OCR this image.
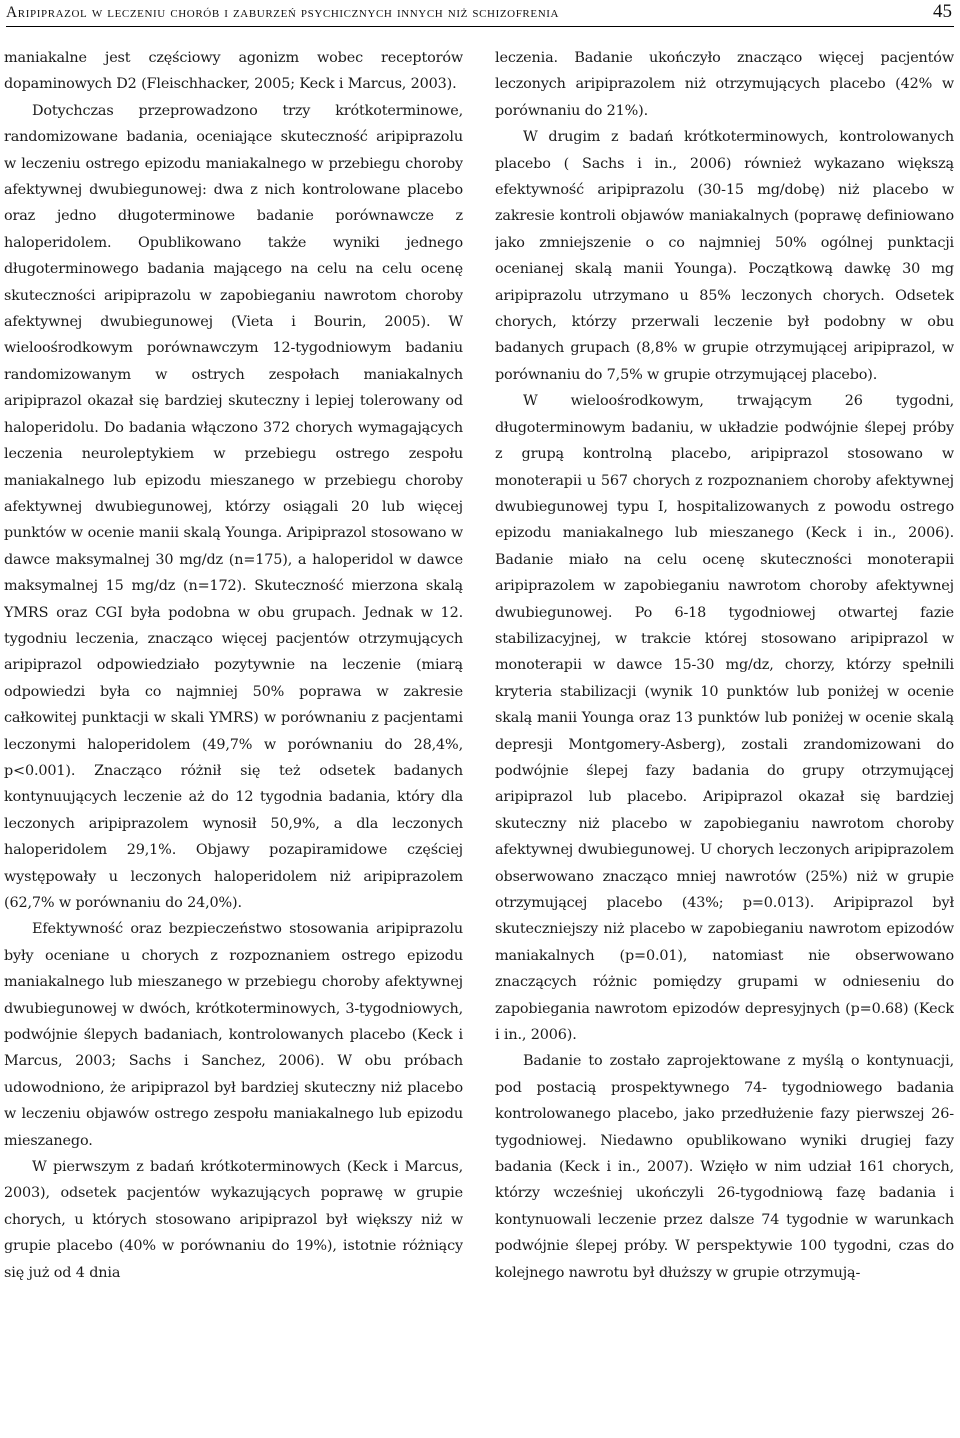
Aripiprazol w leczeniu chorób i zaburzeń psychicznych innych niż schizofrenia	45

maniakalne jest częściowy agonizm wobec receptorów dopaminowych D2 (Fleischhacker, 2005; Keck i Marcus, 2003).

Dotychczas przeprowadzono trzy krótkoterminowe, randomizowane badania, oceniające skuteczność aripiprazolu w leczeniu ostrego epizodu maniakalnego w przebiegu choroby afektywnej dwubiegunowej: dwa z nich kontrolowane placebo oraz jedno długoterminowe badanie porównawcze z haloperidolem. Opublikowano także wyniki jednego długoterminowego badania mającego na celu na celu ocenę skuteczności aripiprazolu w zapobieganiu nawrotom choroby afektywnej dwubiegunowej (Vieta i Bourin, 2005). W wieloośrodkowym porównawczym 12-tygodniowym badaniu randomizowanym w ostrych zespołach maniakalnych aripiprazol okazał się bardziej skuteczny i lepiej tolerowany od haloperidolu. Do badania włączono 372 chorych wymagających leczenia neuroleptykiem w przebiegu ostrego zespołu maniakalnego lub epizodu mieszanego w przebiegu choroby afektywnej dwubiegunowej, którzy osiągali 20 lub więcej punktów w ocenie manii skalą Younga. Aripiprazol stosowano w dawce maksymalnej 30 mg/dz (n=175), a haloperidol w dawce maksymalnej 15 mg/dz (n=172). Skuteczność mierzona skalą YMRS oraz CGI była podobna w obu grupach. Jednak w 12. tygodniu leczenia, znacząco więcej pacjentów otrzymujących aripiprazol odpowiedziało pozytywnie na leczenie (miarą odpowiedzi była co najmniej 50% poprawa w zakresie całkowitej punktacji w skali YMRS) w porównaniu z pacjentami leczonymi haloperidolem (49,7% w porównaniu do 28,4%, p<0.001). Znacząco różnił się też odsetek badanych kontynuujących leczenie aż do 12 tygodnia badania, który dla leczonych aripiprazolem wynosił 50,9%, a dla leczonych haloperidolem 29,1%. Objawy pozapiramidowe częściej występowały u leczonych haloperidolem niż aripiprazolem (62,7% w porównaniu do 24,0%).

Efektywność oraz bezpieczeństwo stosowania aripiprazolu były oceniane u chorych z rozpoznaniem ostrego epizodu maniakalnego lub mieszanego w przebiegu choroby afektywnej dwubiegunowej w dwóch, krótkoterminowych, 3-tygodniowych, podwójnie ślepych badaniach, kontrolowanych placebo (Keck i Marcus, 2003; Sachs i Sanchez, 2006). W obu próbach udowodniono, że aripiprazol był bardziej skuteczny niż placebo w leczeniu objawów ostrego zespołu maniakalnego lub epizodu mieszanego.

W pierwszym z badań krótkoterminowych (Keck i Marcus, 2003), odsetek pacjentów wykazujących poprawę w grupie chorych, u których stosowano aripiprazol był większy niż w grupie placebo (40% w porównaniu do 19%), istotnie różniący się już od 4 dnia

leczenia. Badanie ukończyło znacząco więcej pacjentów leczonych aripiprazolem niż otrzymujących placebo (42% w porównaniu do 21%).

W drugim z badań krótkoterminowych, kontrolowanych placebo ( Sachs i in., 2006) również wykazano większą efektywność aripiprazolu (30-15 mg/dobę) niż placebo w zakresie kontroli objawów maniakalnych (poprawę definiowano jako zmniejszenie o co najmniej 50% ogólnej punktacji ocenianej skalą manii Younga). Początkową dawkę 30 mg aripiprazolu utrzymano u 85% leczonych chorych. Odsetek chorych, którzy przerwali leczenie był podobny w obu badanych grupach (8,8% w grupie otrzymującej aripiprazol, w porównaniu do 7,5% w grupie otrzymującej placebo).

W wieloośrodkowym, trwającym 26 tygodni, długoterminowym badaniu, w układzie podwójnie ślepej próby z grupą kontrolną placebo, aripiprazol stosowano w monoterapii u 567 chorych z rozpoznaniem choroby afektywnej dwubiegunowej typu I, hospitalizowanych z powodu ostrego epizodu maniakalnego lub mieszanego (Keck i in., 2006). Badanie miało na celu ocenę skuteczności monoterapii aripiprazolem w zapobieganiu nawrotom choroby afektywnej dwubiegunowej. Po 6-18 tygodniowej otwartej fazie stabilizacyjnej, w trakcie której stosowano aripiprazol w monoterapii w dawce 15-30 mg/dz, chorzy, którzy spełnili kryteria stabilizacji (wynik 10 punktów lub poniżej w ocenie skalą manii Younga oraz 13 punktów lub poniżej w ocenie skalą depresji Montgomery-Asberg), zostali zrandomizowani do podwójnie ślepej fazy badania do grupy otrzymującej aripiprazol lub placebo. Aripiprazol okazał się bardziej skuteczny niż placebo w zapobieganiu nawrotom choroby afektywnej dwubiegunowej. U chorych leczonych aripiprazolem obserwowano znacząco mniej nawrotów (25%) niż w grupie otrzymującej placebo (43%; p=0.013). Aripiprazol był skuteczniejszy niż placebo w zapobieganiu nawrotom epizodów maniakalnych (p=0.01), natomiast nie obserwowano znaczących różnic pomiędzy grupami w odnieseniu do zapobiegania nawrotom epizodów depresyjnych (p=0.68) (Keck i in., 2006).

Badanie to zostało zaprojektowane z myślą o kontynuacji, pod postacią prospektywnego 74- tygodniowego badania kontrolowanego placebo, jako przedłużenie fazy pierwszej 26-tygodniowej. Niedawno opublikowano wyniki drugiej fazy badania (Keck i in., 2007). Wzięło w nim udział 161 chorych, którzy wcześniej ukończyli 26-tygodniową fazę badania i kontynuowali leczenie przez dalsze 74 tygodnie w warunkach podwójnie ślepej próby. W perspektywie 100 tygodni, czas do kolejnego nawrotu był dłuższy w grupie otrzymują-
